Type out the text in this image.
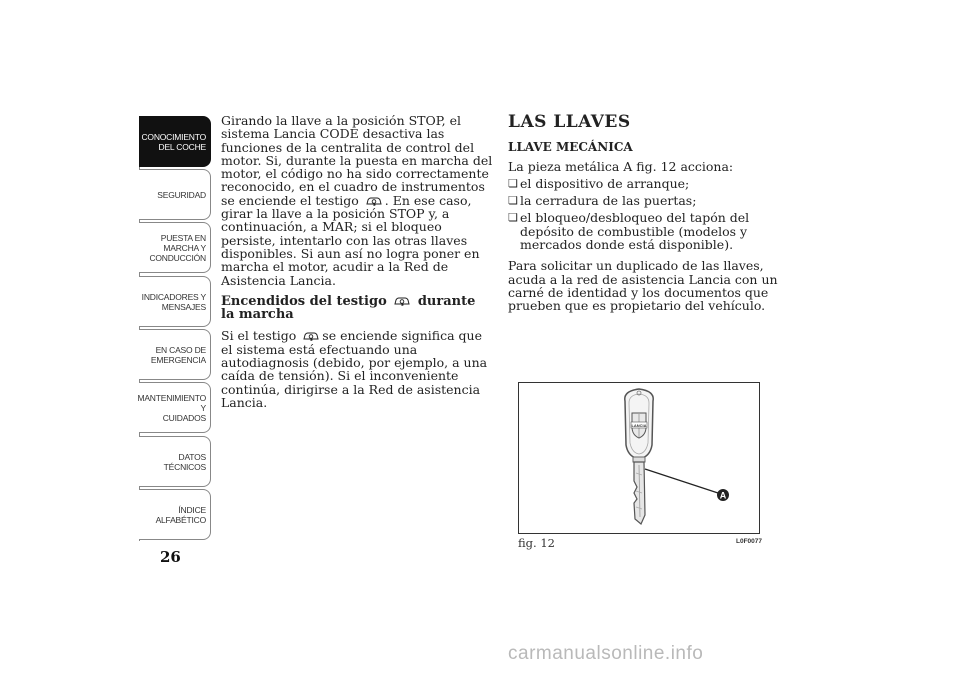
CONOCIMIENTO
DEL COCHE
SEGURIDAD
PUESTA EN
MARCHA Y
CONDUCCIÓN
INDICADORES Y
MENSAJES
EN CASO DE
EMERGENCIA
MANTENIMIENTO Y
CUIDADOS
DATOS TÉCNICOS
ÍNDICE
ALFABÉTICO
26

Girando la llave a la posición STOP, el sistema Lancia CODE desactiva las funciones de la centralita de control del motor. Si, durante la puesta en marcha del motor, el código no ha sido correctamente reconocido, en el cuadro de instrumentos se enciende el testigo . En ese caso, girar la llave a la posición STOP y, a continuación, a MAR; si el bloqueo persiste, intentarlo con las otras llaves disponibles. Si aun así no logra poner en marcha el motor, acudir a la Red de Asistencia Lancia.

Encendidos del testigo durante la marcha

Si el testigo se enciende significa que el sistema está efectuando una autodiagnosis (debido, por ejemplo, a una caída de tensión). Si el inconveniente continúa, dirigirse a la Red de asistencia Lancia.

LAS LLAVES

LLAVE MECÁNICA

La pieza metálica A fig. 12 acciona:

❏ el dispositivo de arranque;

❏ la cerradura de las puertas;

❏ el bloqueo/desbloqueo del tapón del depósito de combustible (modelos y mercados donde está disponible).

Para solicitar un duplicado de las llaves, acuda a la red de asistencia Lancia con un carné de identidad y los documentos que prueben que es propietario del vehículo.

LANCIA
A
fig. 12	L0F0077
carmanualsonline.info
